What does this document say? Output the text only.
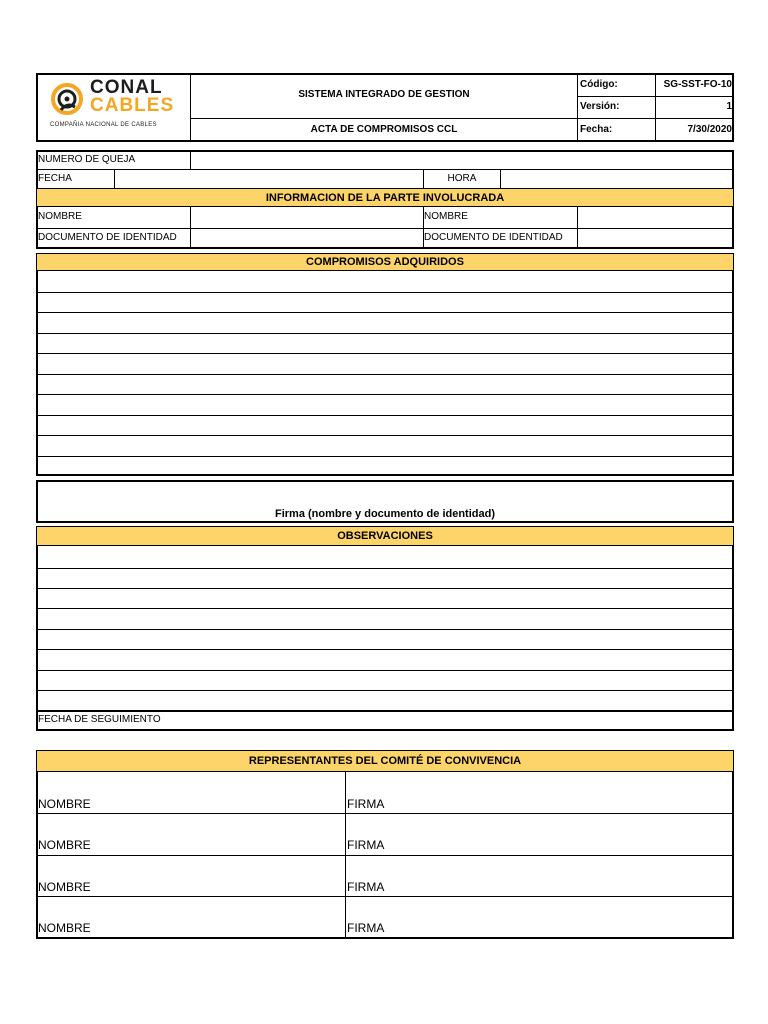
CONAL
CABLES
COMPAÑIA NACIONAL DE CABLES
SISTEMA INTEGRADO DE GESTION
ACTA DE COMPROMISOS CCL
Código:	SG-SST-FO-10
Versión:	1
Fecha:	7/30/2020
NUMERO DE QUEJA
FECHA	HORA
INFORMACION DE LA PARTE INVOLUCRADA
NOMBRE	NOMBRE
DOCUMENTO DE IDENTIDAD	DOCUMENTO DE IDENTIDAD
COMPROMISOS ADQUIRIDOS
Firma (nombre y documento de identidad)
OBSERVACIONES
FECHA DE SEGUIMIENTO
REPRESENTANTES DEL COMITÉ DE CONVIVENCIA
NOMBRE	FIRMA
NOMBRE	FIRMA
NOMBRE	FIRMA
NOMBRE	FIRMA
